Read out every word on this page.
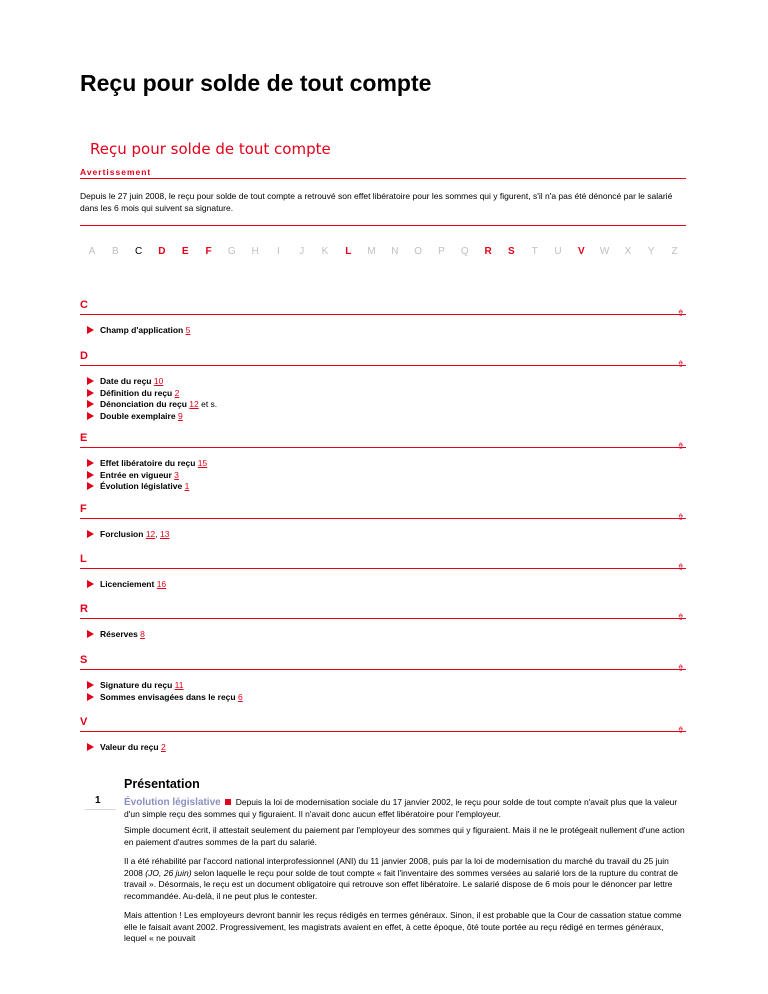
Reçu pour solde de tout compte
Reçu pour solde de tout compte
Avertissement
Depuis le 27 juin 2008, le reçu pour solde de tout compte a retrouvé son effet libératoire pour les sommes qui y figurent, s'il n'a pas été dénoncé par le salarié dans les 6 mois qui suivent sa signature.
A B C D E F G H I J K L M N O P Q R S T U V W X Y Z
C
⇮
Champ d'application 5
D
⇮
Date du reçu 10
Définition du reçu 2
Dénonciation du reçu 12 et s.
Double exemplaire 9
E
⇮
Effet libératoire du reçu 15
Entrée en vigueur 3
Évolution législative 1
F
⇮
Forclusion 12, 13
L
⇮
Licenciement 16
R
⇮
Réserves 8
S
⇮
Signature du reçu 11
Sommes envisagées dans le reçu 6
V
⇮
Valeur du reçu 2
Présentation
1 Évolution législative Depuis la loi de modernisation sociale du 17 janvier 2002, le reçu pour solde de tout compte n'avait plus que la valeur d'un simple reçu des sommes qui y figuraient. Il n'avait donc aucun effet libératoire pour l'employeur.
Simple document écrit, il attestait seulement du paiement par l'employeur des sommes qui y figuraient. Mais il ne le protégeait nullement d'une action en paiement d'autres sommes de la part du salarié.
Il a été réhabilité par l'accord national interprofessionnel (ANI) du 11 janvier 2008, puis par la loi de modernisation du marché du travail du 25 juin 2008 (JO, 26 juin) selon laquelle le reçu pour solde de tout compte « fait l'inventaire des sommes versées au salarié lors de la rupture du contrat de travail ». Désormais, le reçu est un document obligatoire qui retrouve son effet libératoire. Le salarié dispose de 6 mois pour le dénoncer par lettre recommandée. Au-delà, il ne peut plus le contester.
Mais attention ! Les employeurs devront bannir les reçus rédigés en termes généraux. Sinon, il est probable que la Cour de cassation statue comme elle le faisait avant 2002. Progressivement, les magistrats avaient en effet, à cette époque, ôté toute portée au reçu rédigé en termes généraux, lequel « ne pouvait
